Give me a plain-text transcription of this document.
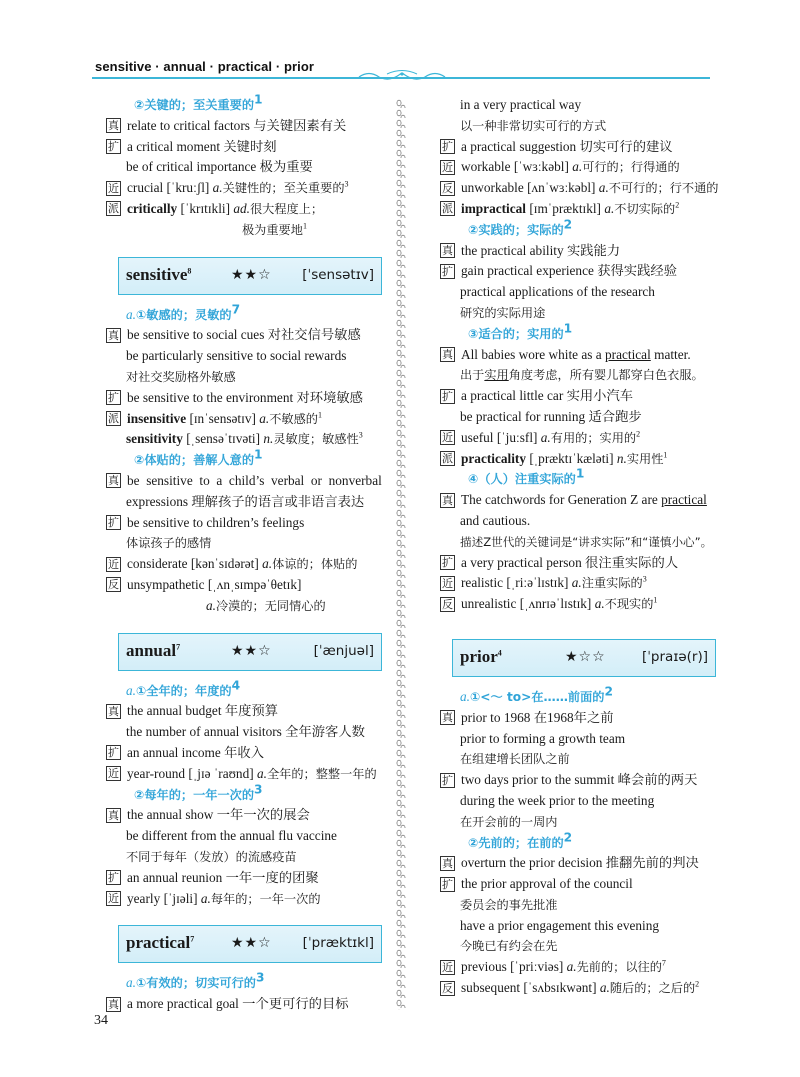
sensitive · annual · practical · prior
②关键的；至关重要的$^1$
真 relate to critical factors 与关键因素有关
扩 a critical moment 关键时刻
be of critical importance 极为重要
近 crucial [ˈkruːʃl] a.关键性的；至关重要的$^3$
派 critically [ˈkrɪtɪkli] ad.很大程度上；
极为重要地$^1$
sensitive$^8$	★★☆ [ˈsensətɪv]
a.①敏感的；灵敏的$^7$
真 be sensitive to social cues 对社交信号敏感
be particularly sensitive to social rewards
对社交奖励格外敏感
扩 be sensitive to the environment 对环境敏感
派 insensitive [ɪnˈsensətɪv] a.不敏感的$^1$
sensitivity [ˌsensəˈtɪvəti] n.灵敏度；敏感性$^3$
②体贴的；善解人意的$^1$
真 be  sensitive  to  a  child’s  verbal  or  nonverbal
expressions 理解孩子的语言或非语言表达
扩 be sensitive to children’s feelings
体谅孩子的感情
近 considerate [kənˈsɪdərət] a.体谅的；体贴的
反 unsympathetic [ˌʌnˌsɪmpəˈθetɪk]
a.冷漠的；无同情心的
annual$^7$	★★☆	[ˈænjuəl]
a.①全年的；年度的$^4$
真 the annual budget 年度预算
the number of annual visitors 全年游客人数
扩 an annual income 年收入
近 year-round [ˌjɪə ˈraʊnd] a.全年的；整整一年的
②每年的；一年一次的$^3$
真 the annual show 一年一次的展会
be different from the annual flu vaccine
不同于每年（发放）的流感疫苗
扩 an annual reunion 一年一度的团聚
近 yearly [ˈjɪəli] a.每年的；一年一次的
practical$^7$	★★☆ [ˈpræktɪkl]
a.①有效的；切实可行的$^3$
真 a more practical goal 一个更可行的目标
in a very practical way
以一种非常切实可行的方式
扩 a practical suggestion 切实可行的建议
近 workable [ˈwɜːkəbl] a.可行的；行得通的
反 unworkable [ʌnˈwɜːkəbl] a.不可行的；行不通的
派 impractical [ɪmˈpræktɪkl] a.不切实际的$^2$
②实践的；实际的$^2$
真 the practical ability 实践能力
扩 gain practical experience 获得实践经验
practical applications of the research
研究的实际用途
③适合的；实用的$^1$
真 All babies wore white as a practical matter.
出于实用角度考虑，所有婴儿都穿白色衣服。
扩 a practical little car 实用小汽车
be practical for running 适合跑步
近 useful [ˈjuːsfl] a.有用的；实用的$^2$
派 practicality [ˌpræktɪˈkæləti] n.实用性$^1$
④（人）注重实际的$^1$
真 The catchwords for Generation Z are practical
and cautious.
描述Z世代的关键词是“讲求实际”和“谨慎小心”。
扩 a very practical person 很注重实际的人
近 realistic [ˌriːəˈlɪstɪk] a.注重实际的$^3$
反 unrealistic [ˌʌnrɪəˈlɪstɪk] a.不现实的$^1$
prior$^4$	★☆☆	[ˈpraɪə(r)]
a.①<～ to>在……前面的$^2$
真 prior to 1968 在1968年之前
prior to forming a growth team
在组建增长团队之前
扩 two days prior to the summit 峰会前的两天
during the week prior to the meeting
在开会前的一周内
②先前的；在前的$^2$
真 overturn the prior decision 推翻先前的判决
扩 the prior approval of the council
委员会的事先批准
have a prior engagement this evening
今晚已有约会在先
近 previous [ˈpriːviəs] a.先前的；以往的$^7$
反 subsequent [ˈsʌbsɪkwənt] a.随后的；之后的$^2$
34
